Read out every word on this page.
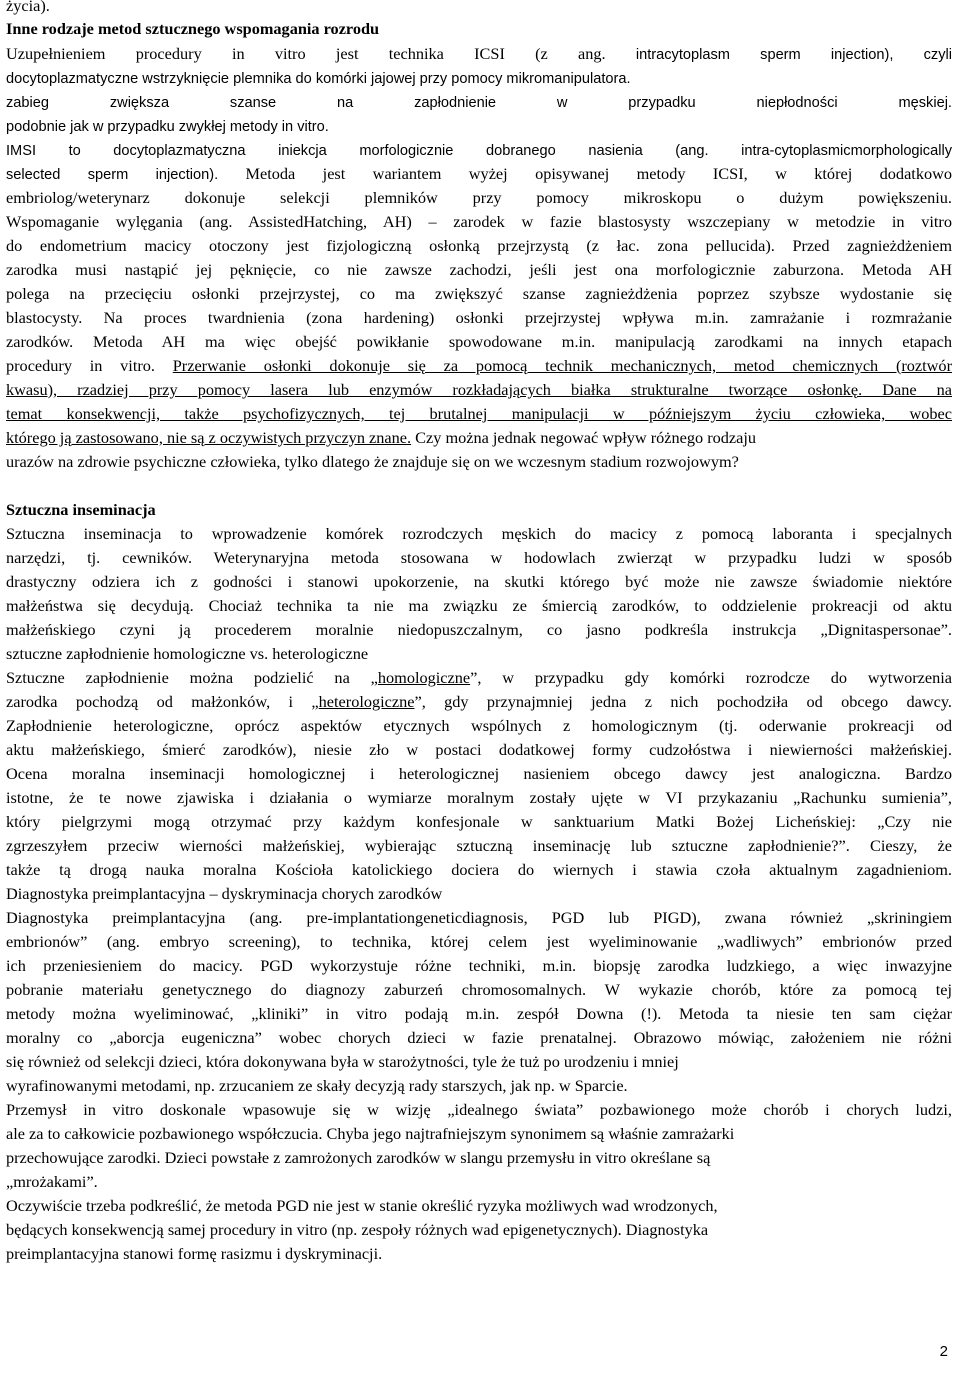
życia).
Inne rodzaje metod sztucznego wspomagania rozrodu
Uzupełnieniem procedury in vitro jest technika ICSI (z ang. intracytoplasm sperm injection), czyli
docytoplazmatyczne wstrzyknięcie plemnika do komórki jajowej przy pomocy mikromanipulatora.
zabieg zwiększa szanse na zapłodnienie w przypadku niepłodności męskiej.
podobnie jak w przypadku zwykłej metody in vitro.
IMSI to docytoplazmatyczna iniekcja morfologicznie dobranego nasienia (ang. intra-cytoplasmicmorphologically
selected sperm injection). Metoda jest wariantem wyżej opisywanej metody ICSI, w której dodatkowo
embriolog/weterynarz dokonuje selekcji plemników przy pomocy mikroskopu o dużym powiększeniu.
Wspomaganie wylęgania (ang. AssistedHatching, AH) – zarodek w fazie blastosysty wszczepiany w metodzie in vitro
do endometrium macicy otoczony jest fizjologiczną osłonką przejrzystą (z łac. zona pellucida). Przed zagnieżdżeniem
zarodka musi nastąpić jej pęknięcie, co nie zawsze zachodzi, jeśli jest ona morfologicznie zaburzona. Metoda AH
polega na przecięciu osłonki przejrzystej, co ma zwiększyć szanse zagnieżdżenia poprzez szybsze wydostanie się
blastocysty. Na proces twardnienia (zona hardening) osłonki przejrzystej wpływa m.in. zamrażanie i rozmrażanie
zarodków. Metoda AH ma więc obejść powikłanie spowodowane m.in. manipulacją zarodkami na innych etapach
procedury in vitro. Przerwanie osłonki dokonuje się za pomocą technik mechanicznych, metod chemicznych (roztwór
kwasu), rzadziej przy pomocy lasera lub enzymów rozkładających białka strukturalne tworzące osłonkę. Dane na
temat konsekwencji, także psychofizycznych, tej brutalnej manipulacji w późniejszym życiu człowieka, wobec
którego ją zastosowano, nie są z oczywistych przyczyn znane. Czy można jednak negować wpływ różnego rodzaju
urazów na zdrowie psychiczne człowieka, tylko dlatego że znajduje się on we wczesnym stadium rozwojowym?
Sztuczna inseminacja
Sztuczna inseminacja to wprowadzenie komórek rozrodczych męskich do macicy z pomocą laboranta i specjalnych
narzędzi, tj. cewników. Weterynaryjna metoda stosowana w hodowlach zwierząt w przypadku ludzi w sposób
drastyczny odziera ich z godności i stanowi upokorzenie, na skutki którego być może nie zawsze świadomie niektóre
małżeństwa się decydują. Chociaż technika ta nie ma związku ze śmiercią zarodków, to oddzielenie prokreacji od aktu
małżeńskiego czyni ją procederem moralnie niedopuszczalnym, co jasno podkreśla instrukcja „Dignitaspersonae”.
sztuczne zapłodnienie homologiczne vs. heterologiczne
Sztuczne zapłodnienie można podzielić na „homologiczne”, w przypadku gdy komórki rozrodcze do wytworzenia
zarodka pochodzą od małżonków, i „heterologiczne”, gdy przynajmniej jedna z nich pochodziła od obcego dawcy.
Zapłodnienie heterologiczne, oprócz aspektów etycznych wspólnych z homologicznym (tj. oderwanie prokreacji od
aktu małżeńskiego, śmierć zarodków), niesie zło w postaci dodatkowej formy cudzołóstwa i niewierności małżeńskiej.
Ocena moralna inseminacji homologicznej i heterologicznej nasieniem obcego dawcy jest analogiczna. Bardzo
istotne, że te nowe zjawiska i działania o wymiarze moralnym zostały ujęte w VI przykazaniu „Rachunku sumienia”,
który pielgrzymi mogą otrzymać przy każdym konfesjonale w sanktuarium Matki Bożej Licheńskiej: „Czy nie
zgrzeszyłem przeciw wierności małżeńskiej, wybierając sztuczną inseminację lub sztuczne zapłodnienie?”. Cieszy, że
także tą drogą nauka moralna Kościoła katolickiego dociera do wiernych i stawia czoła aktualnym zagadnieniom.
Diagnostyka preimplantacyjna – dyskryminacja chorych zarodków
Diagnostyka preimplantacyjna (ang. pre-implantationgeneticdiagnosis, PGD lub PIGD), zwana również „skriningiem
embrionów” (ang. embryo screening), to technika, której celem jest wyeliminowanie „wadliwych” embrionów przed
ich przeniesieniem do macicy. PGD wykorzystuje różne techniki, m.in. biopsję zarodka ludzkiego, a więc inwazyjne
pobranie materiału genetycznego do diagnozy zaburzeń chromosomalnych. W wykazie chorób, które za pomocą tej
metody można wyeliminować, „kliniki” in vitro podają m.in. zespół Downa (!). Metoda ta niesie ten sam ciężar
moralny co „aborcja eugeniczna” wobec chorych dzieci w fazie prenatalnej. Obrazowo mówiąc, założeniem nie różni
się również od selekcji dzieci, która dokonywana była w starożytności, tyle że tuż po urodzeniu i mniej
wyrafinowanymi metodami, np. zrzucaniem ze skały decyzją rady starszych, jak np. w Sparcie.
Przemysł in vitro doskonale wpasowuje się w wizję „idealnego świata” pozbawionego może chorób i chorych ludzi,
ale za to całkowicie pozbawionego współczucia. Chyba jego najtrafniejszym synonimem są właśnie zamrażarki
przechowujące zarodki. Dzieci powstałe z zamrożonych zarodków w slangu przemysłu in vitro określane są
„mrożakami”.
Oczywiście trzeba podkreślić, że metoda PGD nie jest w stanie określić ryzyka możliwych wad wrodzonych,
będących konsekwencją samej procedury in vitro (np. zespoły różnych wad epigenetycznych). Diagnostyka
preimplantacyjna stanowi formę rasizmu i dyskryminacji.
2
